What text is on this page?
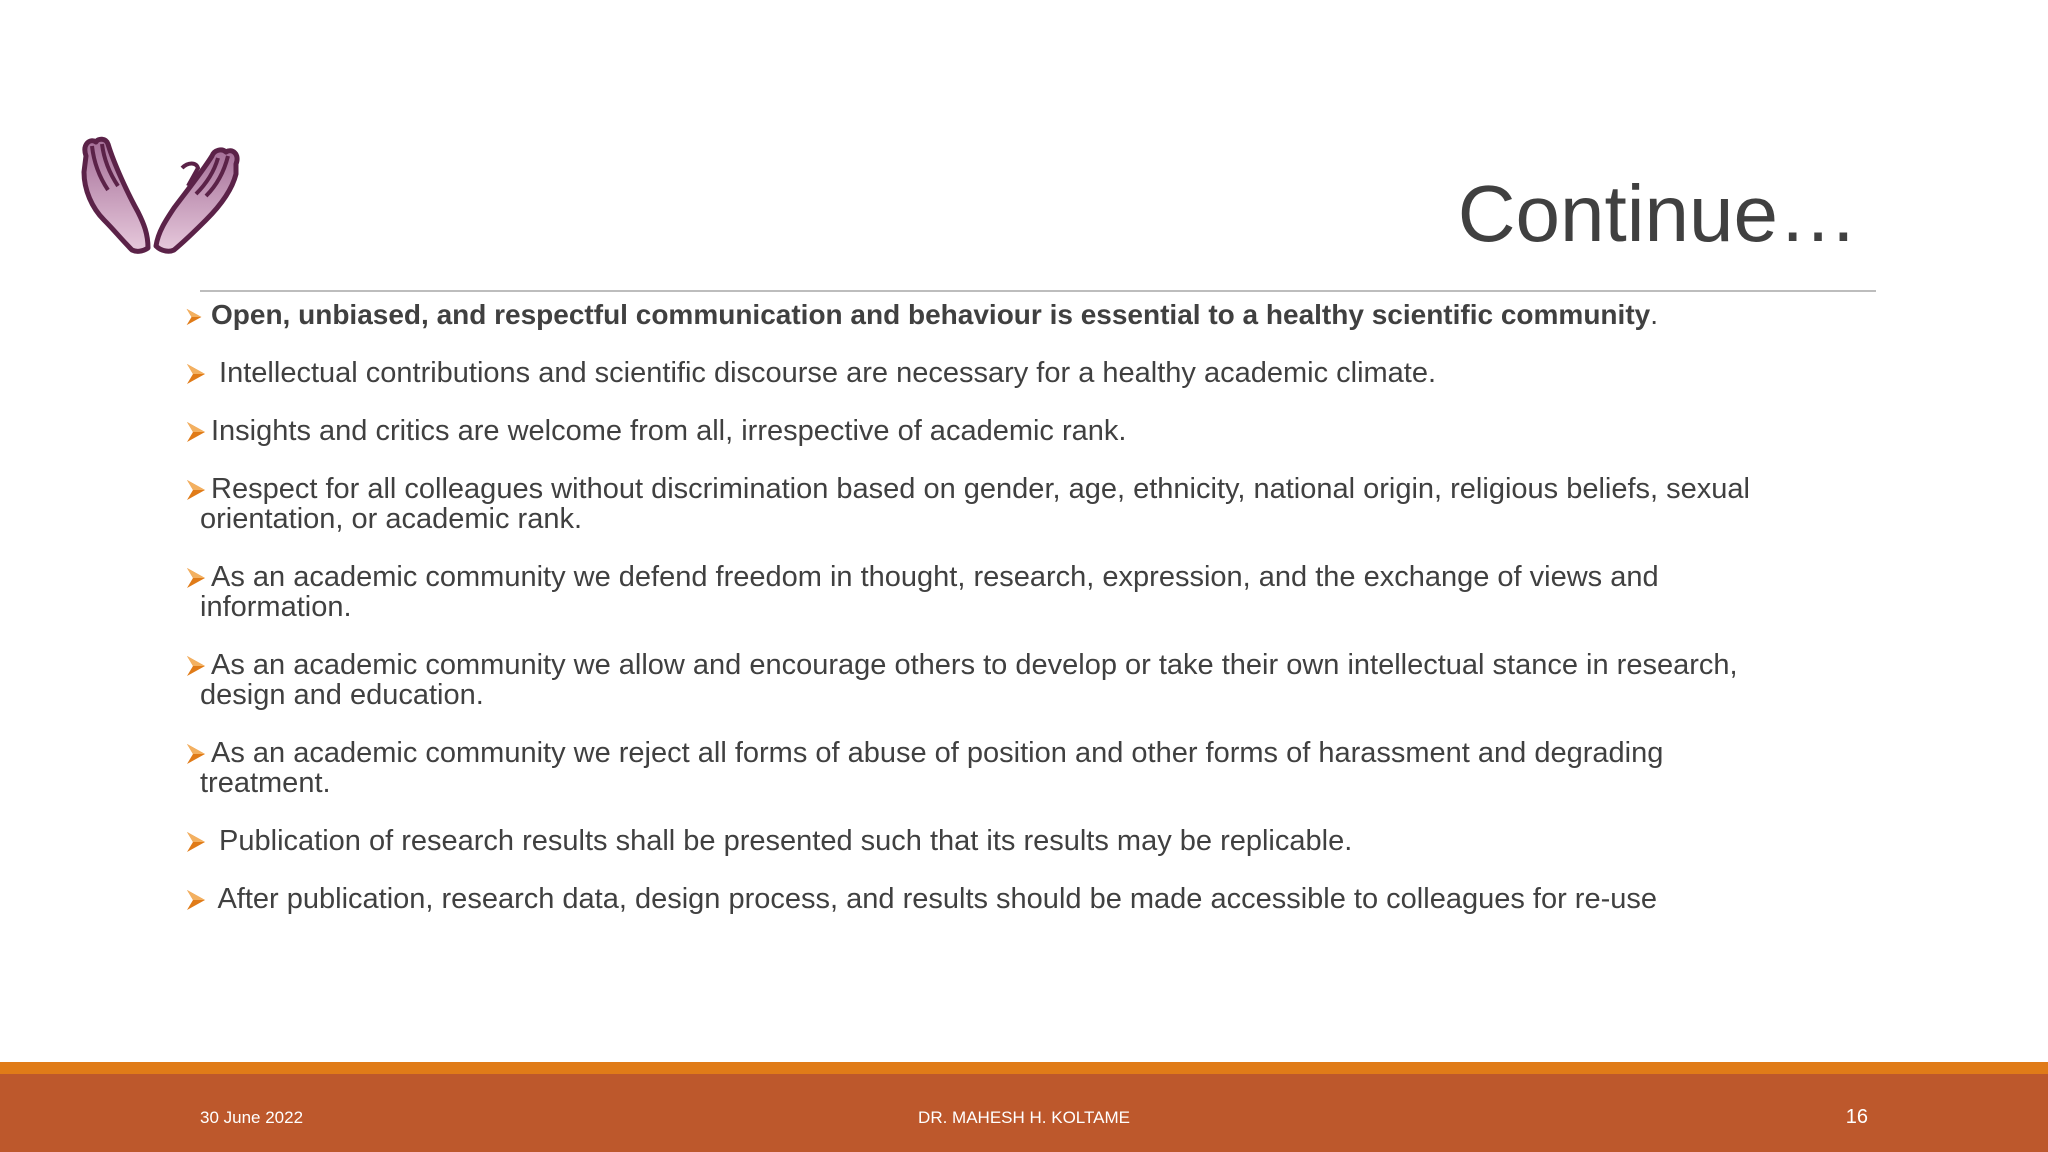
Continue…
Open, unbiased, and respectful communication and behaviour is essential to a healthy scientific community.
Intellectual contributions and scientific discourse are necessary for a healthy academic climate.
Insights and critics are welcome from all, irrespective of academic rank.
Respect for all colleagues without discrimination based on gender, age, ethnicity, national origin, religious beliefs, sexual
orientation, or academic rank.
As an academic community we defend freedom in thought, research, expression, and the exchange of views and
information.
As an academic community we allow and encourage others to develop or take their own intellectual stance in research,
design and education.
As an academic community we reject all forms of abuse of position and other forms of harassment and degrading
treatment.
Publication of research results shall be presented such that its results may be replicable.
After publication, research data, design process, and results should be made accessible to colleagues for re-use
30 June 2022	DR. MAHESH H. KOLTAME	16
